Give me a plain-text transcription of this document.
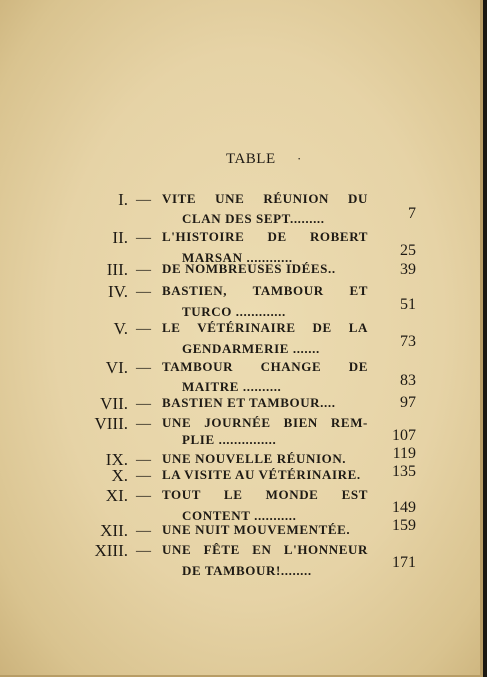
TABLE ·
I. — VITE UNE RÉUNION DU
CLAN DES SEPT.........	7
II. — L'HISTOIRE DE ROBERT
MARSAN ............	25
III. — DE NOMBREUSES IDÉES..	39
IV. — BASTIEN, TAMBOUR ET
TURCO .............	51
V. — LE VÉTÉRINAIRE DE LA
GENDARMERIE .......	73
VI. — TAMBOUR CHANGE DE
MAITRE ..........	83
VII. — BASTIEN ET TAMBOUR....	97
VIII. — UNE JOURNÉE BIEN REM-
PLIE ...............	107
IX. — UNE NOUVELLE RÉUNION.	119
X. — LA VISITE AU VÉTÉRINAIRE.	135
XI. — TOUT LE MONDE EST
CONTENT ...........	149
XII. — UNE NUIT MOUVEMENTÉE.	159
XIII. — UNE FÊTE EN L'HONNEUR
DE TAMBOUR!........	171
